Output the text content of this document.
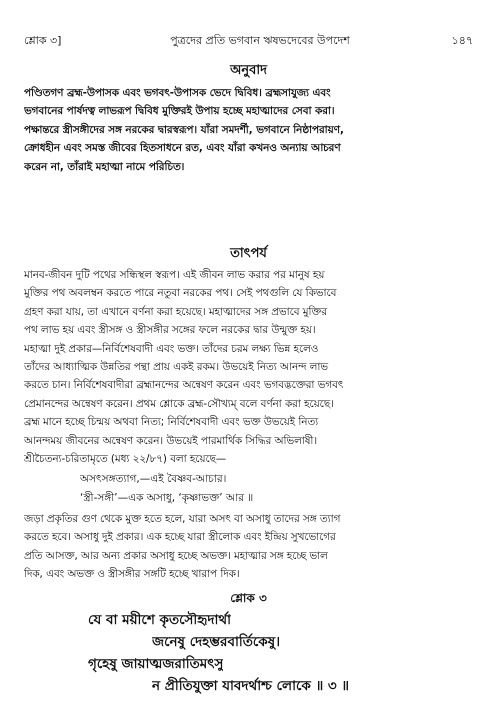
শ্লোক ৩]	পুত্রদের প্রতি ভগবান ঋষভদেবের উপদেশ	১৪৭
অনুবাদ
পণ্ডিতগণ ব্রহ্ম-উপাসক এবং ভগবৎ-উপাসক ভেদে দ্বিবিধ। ব্রহ্মসাযুজ্য এবং
ভগবানের পার্ষদত্ব লাভরূপ দ্বিবিধ মুক্তিরই উপায় হচ্ছে মহাত্মাদের সেবা করা।
পক্ষান্তরে স্ত্রীসঙ্গীদের সঙ্গ নরকের দ্বারস্বরূপ। যাঁরা সমদর্শী, ভগবানে নিষ্ঠাপরায়ণ,
ক্রোধহীন এবং সমস্ত জীবের হিতসাধনে রত, এবং যাঁরা কখনও অন্যায় আচরণ
করেন না, তাঁরাই মহাত্মা নামে পরিচিত।
তাৎপর্য
মানব-জীবন দুটি পথের সন্ধিস্থল স্বরূপ। এই জীবন লাভ করার পর মানুষ হয়
মুক্তির পথ অবলম্বন করতে পারে নতুবা নরকের পথ। সেই পথগুলি যে কিভাবে
গ্রহণ করা যায়, তা এখানে বর্ণনা করা হয়েছে। মহাত্মাদের সঙ্গ প্রভাবে মুক্তির
পথ লাভ হয় এবং স্ত্রীসঙ্গ ও স্ত্রীসঙ্গীর সঙ্গের ফলে নরকের দ্বার উন্মুক্ত হয়।
মহাত্মা দুই প্রকার—নির্বিশেষবাদী এবং ভক্ত। তাঁদের চরম লক্ষ্য ভিন্ন হলেও
তাঁদের আধ্যাত্মিক উন্নতির পন্থা প্রায় একই রকম। উভয়েই নিত্য আনন্দ লাভ
করতে চান। নির্বিশেষবাদীরা ব্রহ্মানন্দের অন্বেষণ করেন এবং ভগবদ্ভক্তেরা ভগবৎ
প্রেমানন্দের অন্বেষণ করেন। প্রথম শ্লোকে ব্রহ্ম-সৌখ্যম্‌ বলে বর্ণনা করা হয়েছে।
ব্রহ্ম মানে হচ্ছে চিন্ময় অথবা নিত্য; নির্বিশেষবাদী এবং ভক্ত উভয়েই নিত্য
আনন্দময় জীবনের অন্বেষণ করেন। উভয়েই পারমার্থিক সিদ্ধির অভিলাষী।
শ্রীচৈতন্য-চরিতামৃতে (মধ্য ২২/৮৭) বলা হয়েছে—
অসৎসঙ্গত্যাগ,—এই বৈষ্ণব-আচার।
‘স্ত্রী-সঙ্গী’—এক অসাধু, ‘কৃষ্ণাভক্ত’ আর ॥
জড়া প্রকৃতির গুণ থেকে মুক্ত হতে হলে, যারা অসৎ বা অসাধু তাদের সঙ্গ ত্যাগ
করতে হবে। অসাধু দুই প্রকার। এক হচ্ছে যারা স্ত্রীলোক এবং ইন্দ্রিয় সুখভোগের
প্রতি আসক্ত, আর অন্য প্রকার অসাধু হচ্ছে অভক্ত। মহাত্মার সঙ্গ হচ্ছে ভাল
দিক, এবং অভক্ত ও স্ত্রীসঙ্গীর সঙ্গটি হচ্ছে খারাপ দিক।
শ্লোক ৩
যে বা ময়ীশে কৃতসৌহৃদার্থা
জনেষু দেহম্ভরবার্তিকেষু।
গৃহেষু জায়াত্মজরাতিমৎসু
ন প্রীতিযুক্তা যাবদর্থাশ্চ লোকে ॥ ৩ ॥
